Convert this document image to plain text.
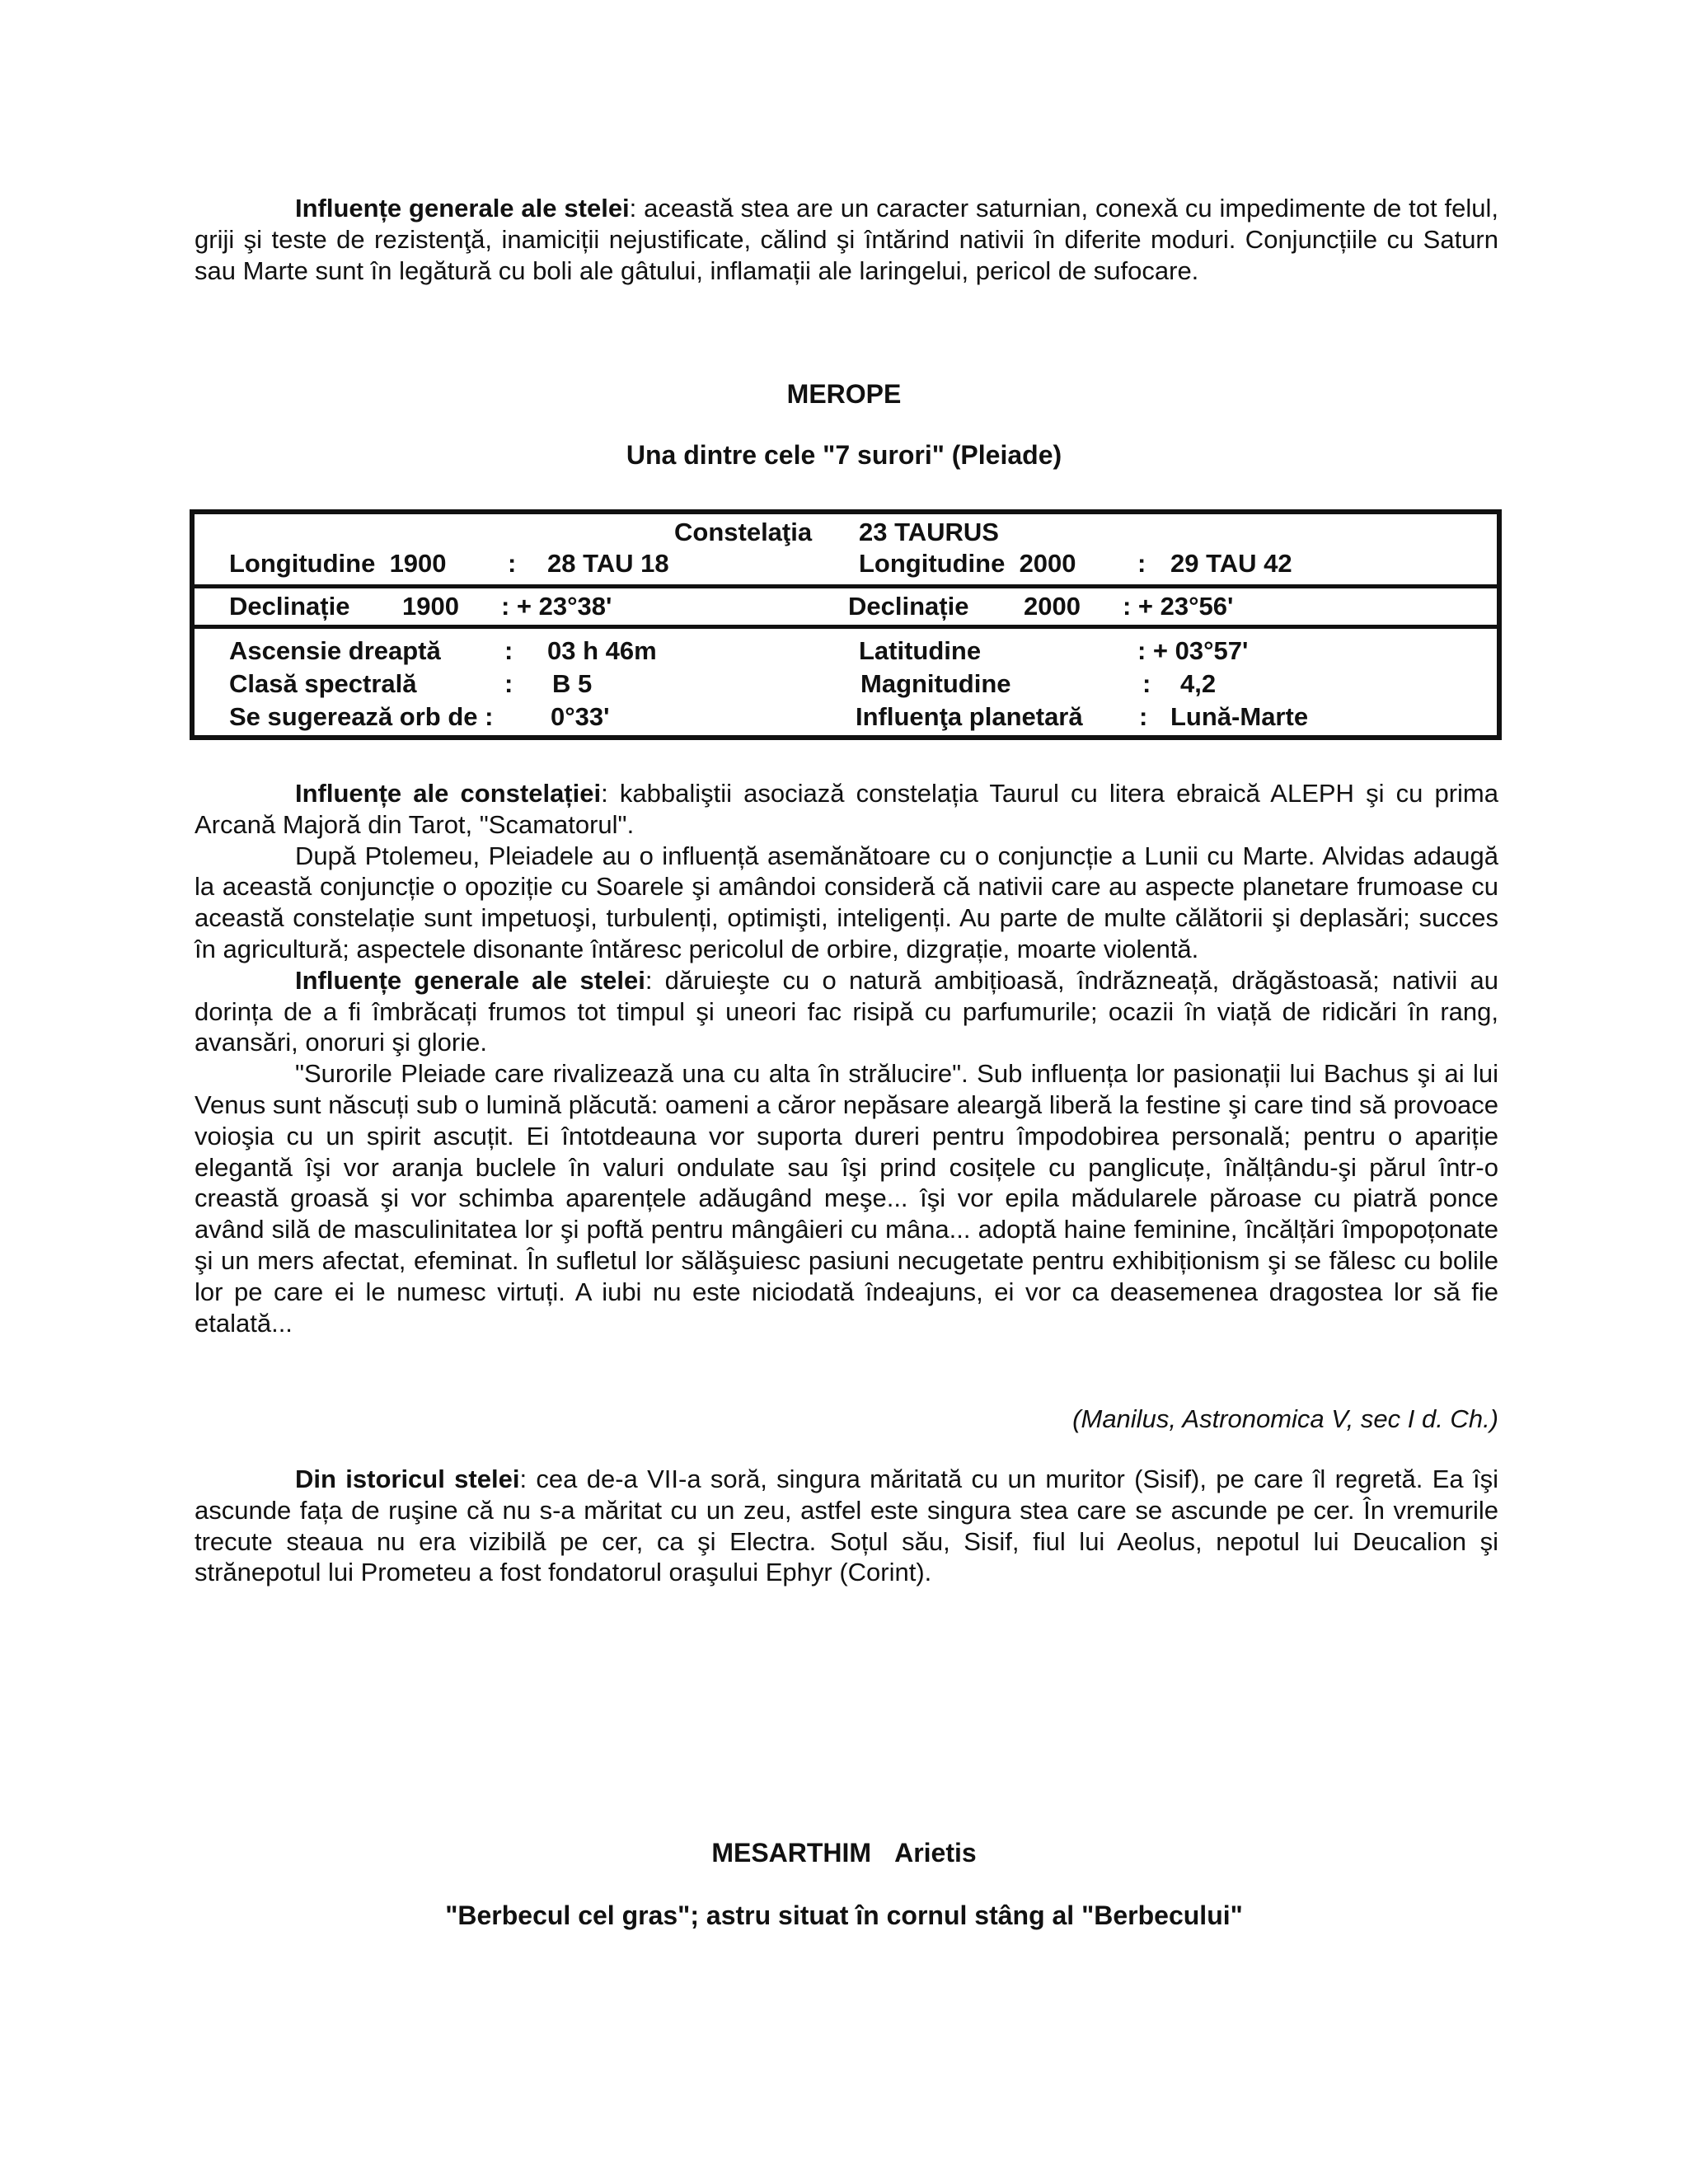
Influențe generale ale stelei: această stea are un caracter saturnian, conexă cu impedimente de tot felul, griji şi teste de rezistenţă, inamiciții nejustificate, călind şi întărind nativii în diferite moduri. Conjuncțiile cu Saturn sau Marte sunt în legătură cu boli ale gâtului, inflamații ale laringelui, pericol de sufocare.

MEROPE
Una dintre cele "7 surori" (Pleiade)
Constelaţia 23 TAURUS
Longitudine  1900 : 28 TAU 18	Longitudine  2000 : 29 TAU 42
Declinație 1900 : + 23°38'	Declinație 2000 : + 23°56'
Ascensie dreaptă : 03 h 46m	Latitudine	: + 03°57'
Clasă spectrală	: B 5	Magnitudine	: 4,2
Se sugerează orb de : 0°33'	Influenţa planetară : Lună-Marte

Influențe ale constelației: kabbaliştii asociază constelația Taurul cu litera ebraică ALEPH şi cu prima Arcană Majoră din Tarot, "Scamatorul".

După Ptolemeu, Pleiadele au o influență asemănătoare cu o conjuncție a Lunii cu Marte. Alvidas adaugă la această conjuncție o opoziție cu Soarele şi amândoi consideră că nativii care au aspecte planetare frumoase cu această constelație sunt impetuoşi, turbulenți, optimişti, inteligenți. Au parte de multe călătorii şi deplasări; succes în agricultură; aspectele disonante întăresc pericolul de orbire, dizgrație, moarte violentă.

Influențe generale ale stelei: dăruieşte cu o natură ambițioasă, îndrăzneață, drăgăstoasă; nativii au dorința de a fi îmbrăcați frumos tot timpul şi uneori fac risipă cu parfumurile; ocazii în viață de ridicări în rang, avansări, onoruri şi glorie.

"Surorile Pleiade care rivalizează una cu alta în strălucire". Sub influența lor pasionații lui Bachus şi ai lui Venus sunt născuți sub o lumină plăcută: oameni a căror nepăsare aleargă liberă la festine şi care tind să provoace voioşia cu un spirit ascuțit. Ei întotdeauna vor suporta dureri pentru împodobirea personală; pentru o apariție elegantă îşi vor aranja buclele în valuri ondulate sau îşi prind cosițele cu panglicuțe, înălțându-şi părul într-o creastă groasă şi vor schimba aparențele adăugând meşe... îşi vor epila mădularele păroase cu piatră ponce având silă de masculinitatea lor şi poftă pentru mângâieri cu mâna... adoptă haine feminine, încălțări împopoțonate şi un mers afectat, efeminat. În sufletul lor sălăşuiesc pasiuni necugetate pentru exhibiționism şi se fălesc cu bolile lor pe care ei le numesc virtuți. A iubi nu este niciodată îndeajuns, ei vor ca deasemenea dragostea lor să fie etalată...

(Manilus, Astronomica V, sec I d. Ch.)

Din istoricul stelei: cea de-a VII-a soră, singura măritată cu un muritor (Sisif), pe care îl regretă. Ea îşi ascunde fața de ruşine că nu s-a măritat cu un zeu, astfel este singura stea care se ascunde pe cer. În vremurile trecute steaua nu era vizibilă pe cer, ca şi Electra. Soțul său, Sisif, fiul lui Aeolus, nepotul lui Deucalion şi strănepotul lui Prometeu a fost fondatorul oraşului Ephyr (Corint).

MESARTHIM Arietis
"Berbecul cel gras"; astru situat în cornul stâng al "Berbecului"
